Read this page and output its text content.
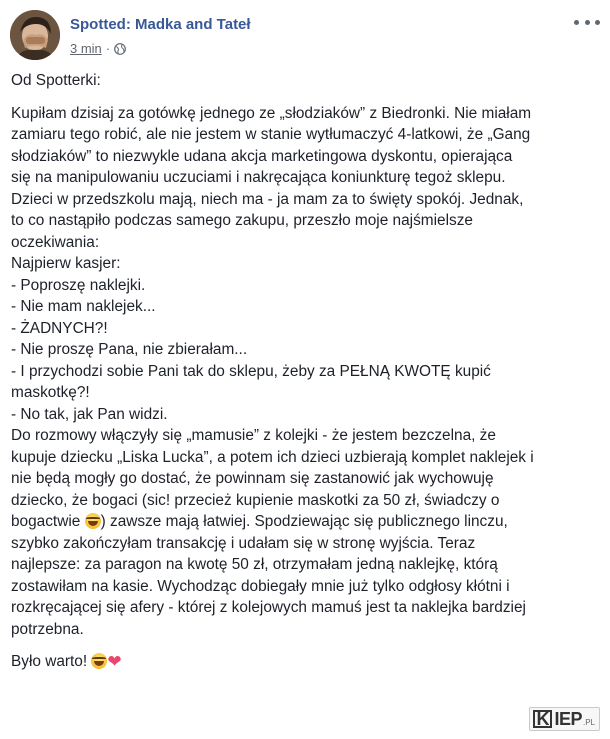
Spotted: Madka and Tateł
3 min ·

Od Spotterki:

Kupiłam dzisiaj za gotówkę jednego ze „słodziaków” z Biedronki. Nie miałam

zamiaru tego robić, ale nie jestem w stanie wytłumaczyć 4-latkowi, że „Gang

słodziaków” to niezwykle udana akcja marketingowa dyskontu, opierająca

się na manipulowaniu uczuciami i nakręcająca koniunkturę tegoż sklepu.

Dzieci w przedszkolu mają, niech ma - ja mam za to święty spokój. Jednak,

to co nastąpiło podczas samego zakupu, przeszło moje najśmielsze

oczekiwania:

Najpierw kasjer:

- Poproszę naklejki.

- Nie mam naklejek...

- ŻADNYCH?!

- Nie proszę Pana, nie zbierałam...

- I przychodzi sobie Pani tak do sklepu, żeby za PEŁNĄ KWOTĘ kupić

maskotkę?!

- No tak, jak Pan widzi.

Do rozmowy włączyły się „mamusie” z kolejki - że jestem bezczelna, że

kupuje dziecku „Liska Lucka”, a potem ich dzieci uzbierają komplet naklejek i

nie będą mogły go dostać, że powinnam się zastanowić jak wychowuję

dziecko, że bogaci (sic! przecież kupienie maskotki za 50 zł, świadczy o

bogactwie ) zawsze mają łatwiej. Spodziewając się publicznego linczu,

szybko zakończyłam transakcję i udałam się w stronę wyjścia. Teraz

najlepsze: za paragon na kwotę 50 zł, otrzymałam jedną naklejkę, którą

zostawiłam na kasie. Wychodząc dobiegały mnie już tylko odgłosy kłótni i

rozkręcającej się afery - której z kolejowych mamuś jest ta naklejka bardziej

potrzebna.

Było warto! ❤

K IEP .PL
